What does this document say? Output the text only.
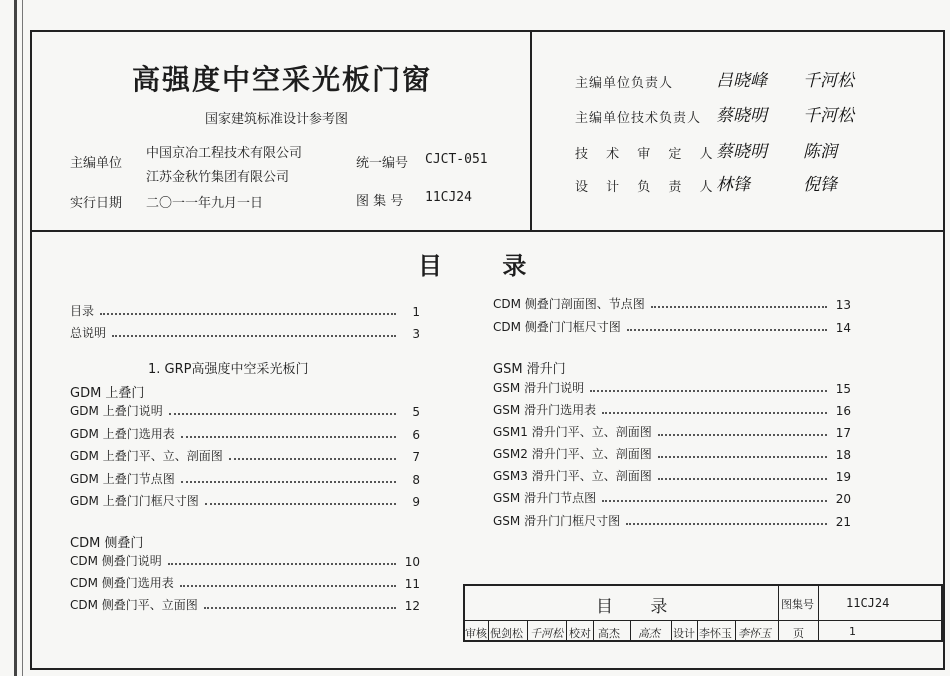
高强度中空采光板门窗
国家建筑标准设计参考图
主编单位
中国京冶工程技术有限公司
江苏金秋竹集团有限公司
实行日期 二〇一一年九月一日
统一编号 CJCT-051
图 集 号 11CJ24
主编单位负责人	吕晓峰 千河松
主编单位技术负责人 蔡晓明 千河松
技 术 审 定 人 蔡晓明 陈润
设 计 负 责 人 林锋	倪锋
目 录
目录	1
总说明	3
1. GRP高强度中空采光板门
GDM 上叠门
GDM 上叠门说明	5
GDM 上叠门选用表	6
GDM 上叠门平、立、剖面图	7
GDM 上叠门节点图	8
GDM 上叠门门框尺寸图	9
CDM 侧叠门
CDM 侧叠门说明	10
CDM 侧叠门选用表	11
CDM 侧叠门平、立面图	12
CDM 侧叠门剖面图、节点图	13
CDM 侧叠门门框尺寸图	14
GSM 滑升门
GSM 滑升门说明	15
GSM 滑升门选用表	16
GSM1 滑升门平、立、剖面图	17
GSM2 滑升门平、立、剖面图	18
GSM3 滑升门平、立、剖面图	19
GSM 滑升门节点图	20
GSM 滑升门门框尺寸图	21
目 录	图集号	11CJ24
审核 倪剑松 千河松 校对 高杰 高杰 设计 李怀玉 李怀玉 页	1
